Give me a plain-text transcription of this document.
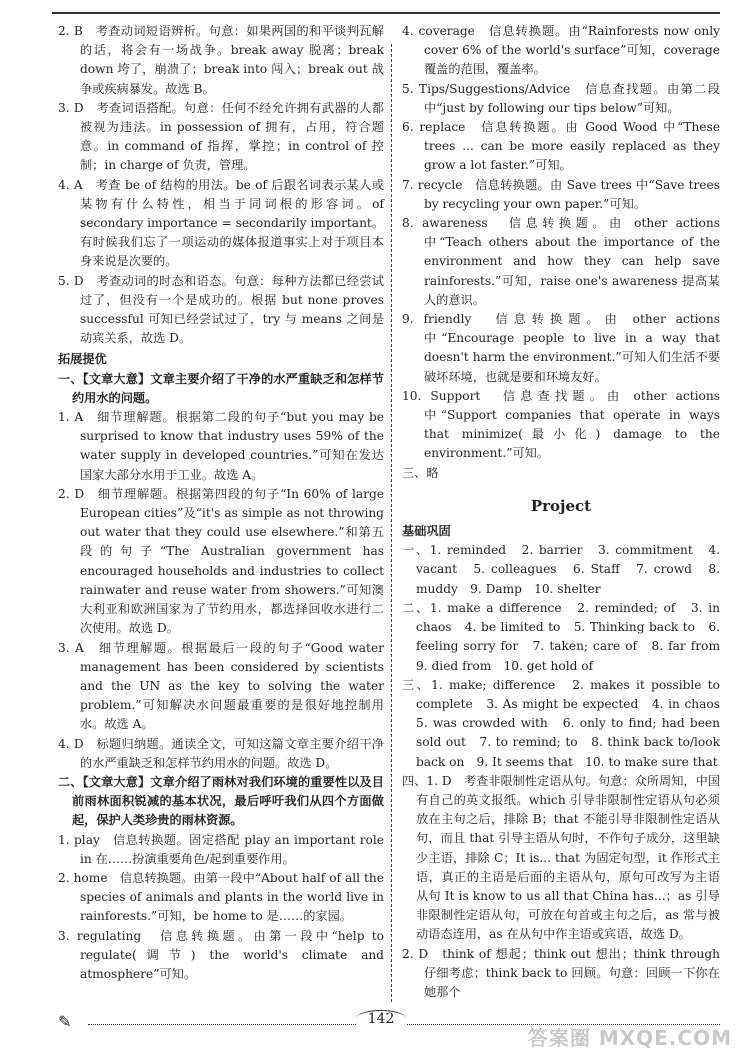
2. B　考查动词短语辨析。句意：如果两国的和平谈判瓦解的话，将会有一场战争。break away 脱离；break down 垮了，崩溃了；break into 闯入；break out 战争或疾病暴发。故选 B。

3. D　考查词语搭配。句意：任何不经允许拥有武器的人都被视为违法。in possession of 拥有，占用，符合题意。in command of 指挥，掌控；in control of 控制；in charge of 负责，管理。

4. A　考查 be of 结构的用法。be of 后跟名词表示某人或某物有什么特性，相当于同词根的形容词。of secondary importance = secondarily important。有时候我们忘了一项运动的媒体报道事实上对于项目本身来说是次要的。

5. D　考查动词的时态和语态。句意：每种方法都已经尝试过了，但没有一个是成功的。根据 but none proves successful 可知已经尝试过了，try 与 means 之间是动宾关系，故选 D。

拓展提优

一、【文章大意】文章主要介绍了干净的水严重缺乏和怎样节约用水的问题。

1. A　细节理解题。根据第二段的句子“but you may be surprised to know that industry uses 59% of the water supply in developed countries.”可知在发达国家大部分水用于工业。故选 A。

2. D　细节理解题。根据第四段的句子“In 60% of large European cities”及“it's as simple as not throwing out water that they could use elsewhere.”和第五段的句子“The Australian government has encouraged households and industries to collect rainwater and reuse water from showers.”可知澳大利亚和欧洲国家为了节约用水，都选择回收水进行二次使用。故选 D。

3. A　细节理解题。根据最后一段的句子“Good water management has been considered by scientists and the UN as the key to solving the water problem.”可知解决水问题最重要的是很好地控制用水。故选 A。

4. D　标题归纳题。通读全文，可知这篇文章主要介绍干净的水严重缺乏和怎样节约用水的问题。故选 D。

二、【文章大意】文章介绍了雨林对我们环境的重要性以及目前雨林面积锐减的基本状况，最后呼吁我们从四个方面做起，保护人类珍贵的雨林资源。

1. play　信息转换题。固定搭配 play an important role in 在……扮演重要角色/起到重要作用。

2. home　信息转换题。由第一段中“About half of all the species of animals and plants in the world live in rainforests.”可知，be home to 是……的家园。

3. regulating　信息转换题。由第一段中“help to regulate(调节) the world's climate and atmosphere”可知。

4. coverage　信息转换题。由“Rainforests now only cover 6% of the world's surface”可知，coverage 覆盖的范围，覆盖率。

5. Tips/Suggestions/Advice　信息查找题。由第二段中“just by following our tips below”可知。

6. replace　信息转换题。由 Good Wood 中“These trees ... can be more easily replaced as they grow a lot faster.”可知。

7. recycle　信息转换题。由 Save trees 中“Save trees by recycling your own paper.”可知。

8. awareness　信息转换题。由 other actions 中“Teach others about the importance of the environment and how they can help save rainforests.”可知，raise one's awareness 提高某人的意识。

9. friendly　信息转换题。由 other actions 中“Encourage people to live in a way that doesn't harm the environment.”可知人们生活不要破坏环境，也就是要和环境友好。

10. Support　信息查找题。由 other actions 中“Support companies that operate in ways that minimize(最小化) damage to the environment.”可知。

三、略

Project

基础巩固

一、1. reminded　2. barrier　3. commitment　4. vacant　5. colleagues　6. Staff　7. crowd　8. muddy　9. Damp　10. shelter

二、1. make a difference　2. reminded; of　3. in chaos　4. be limited to　5. Thinking back to　6. feeling sorry for　7. taken; care of　8. far from　9. died from　10. get hold of

三、1. make; difference　2. makes it possible to complete　3. As might be expected　4. in chaos　5. was crowded with　6. only to find; had been sold out　7. to remind; to　8. think back to/look back on　9. It seems that　10. to make sure that

四、1. D　考查非限制性定语从句。句意：众所周知，中国有自己的英文报纸。which 引导非限制性定语从句必须放在主句之后，排除 B；that 不能引导非限制性定语从句，而且 that 引导主语从句时，不作句子成分，这里缺少主语，排除 C；It is... that 为固定句型，it 作形式主语，真正的主语是后面的主语从句，原句可改写为主语从句 It is know to us all that China has...；as 引导非限制性定语从句，可放在句首或主句之后，as 常与被动语态连用，as 在从句中作主语或宾语，故选 D。

2. D　think of 想起；think out 想出；think through 仔细考虑；think back to 回顾。句意：回顾一下你在她那个

✎	142
答案圈 MXQE.COM
